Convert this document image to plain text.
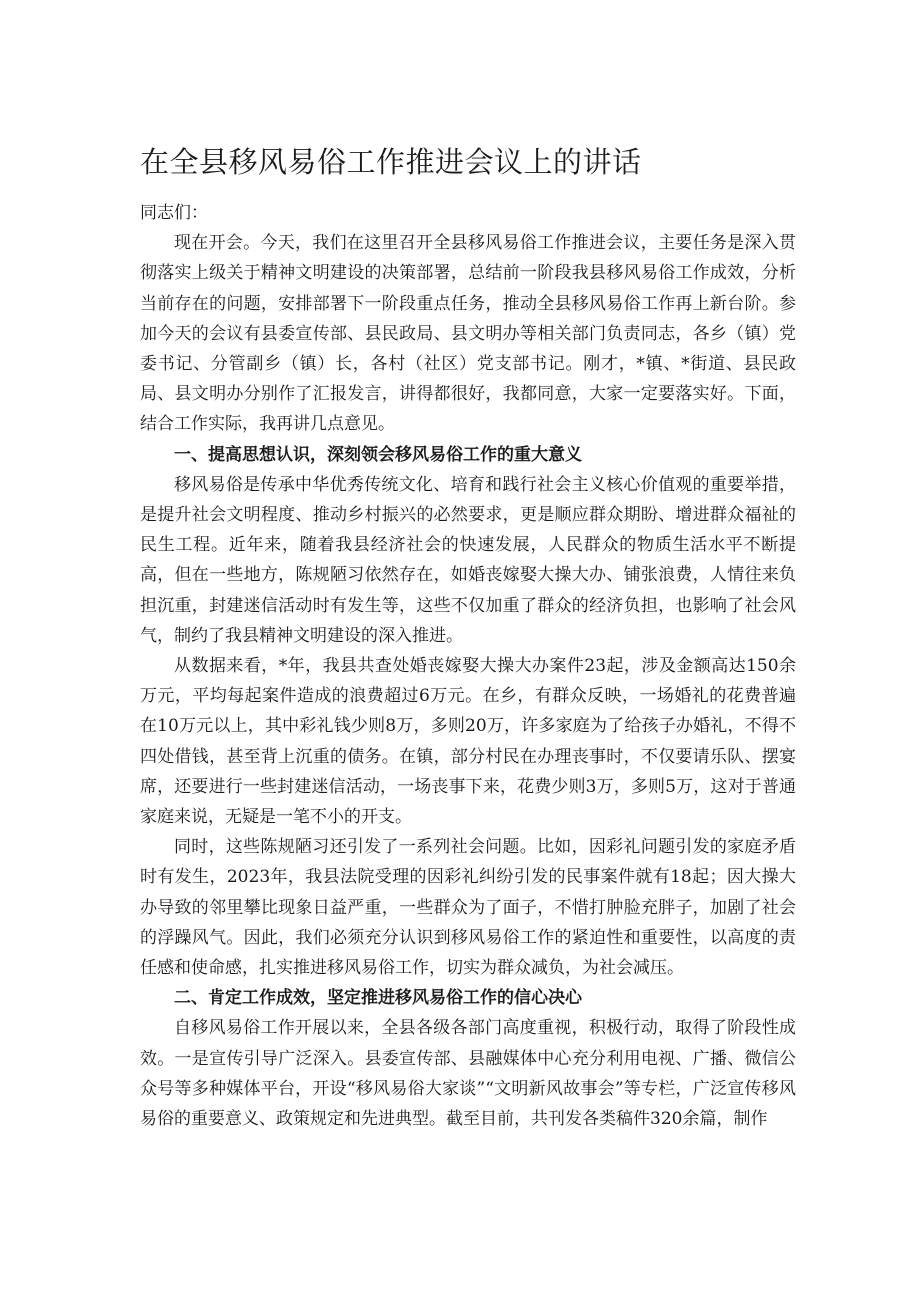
在全县移风易俗工作推进会议上的讲话

同志们：

现在开会。今天，我们在这里召开全县移风易俗工作推进会议，主要任务是深入贯彻落实上级关于精神文明建设的决策部署，总结前一阶段我县移风易俗工作成效，分析当前存在的问题，安排部署下一阶段重点任务，推动全县移风易俗工作再上新台阶。参加今天的会议有县委宣传部、县民政局、县文明办等相关部门负责同志，各乡（镇）党委书记、分管副乡（镇）长，各村（社区）党支部书记。刚才，*镇、*街道、县民政局、县文明办分别作了汇报发言，讲得都很好，我都同意，大家一定要落实好。下面，结合工作实际，我再讲几点意见。

一、提高思想认识，深刻领会移风易俗工作的重大意义

移风易俗是传承中华优秀传统文化、培育和践行社会主义核心价值观的重要举措，是提升社会文明程度、推动乡村振兴的必然要求，更是顺应群众期盼、增进群众福祉的民生工程。近年来，随着我县经济社会的快速发展，人民群众的物质生活水平不断提高，但在一些地方，陈规陋习依然存在，如婚丧嫁娶大操大办、铺张浪费，人情往来负担沉重，封建迷信活动时有发生等，这些不仅加重了群众的经济负担，也影响了社会风气，制约了我县精神文明建设的深入推进。

从数据来看，*年，我县共查处婚丧嫁娶大操大办案件23起，涉及金额高达150余万元，平均每起案件造成的浪费超过6万元。在乡，有群众反映，一场婚礼的花费普遍在10万元以上，其中彩礼钱少则8万，多则20万，许多家庭为了给孩子办婚礼，不得不四处借钱，甚至背上沉重的债务。在镇，部分村民在办理丧事时，不仅要请乐队、摆宴席，还要进行一些封建迷信活动，一场丧事下来，花费少则3万，多则5万，这对于普通家庭来说，无疑是一笔不小的开支。

同时，这些陈规陋习还引发了一系列社会问题。比如，因彩礼问题引发的家庭矛盾时有发生，2023年，我县法院受理的因彩礼纠纷引发的民事案件就有18起；因大操大办导致的邻里攀比现象日益严重，一些群众为了面子，不惜打肿脸充胖子，加剧了社会的浮躁风气。因此，我们必须充分认识到移风易俗工作的紧迫性和重要性，以高度的责任感和使命感，扎实推进移风易俗工作，切实为群众减负，为社会减压。

二、肯定工作成效，坚定推进移风易俗工作的信心决心

自移风易俗工作开展以来，全县各级各部门高度重视，积极行动，取得了阶段性成效。一是宣传引导广泛深入。县委宣传部、县融媒体中心充分利用电视、广播、微信公众号等多种媒体平台，开设“移风易俗大家谈”“文明新风故事会”等专栏，广泛宣传移风易俗的重要意义、政策规定和先进典型。截至目前，共刊发各类稿件320余篇，制作
